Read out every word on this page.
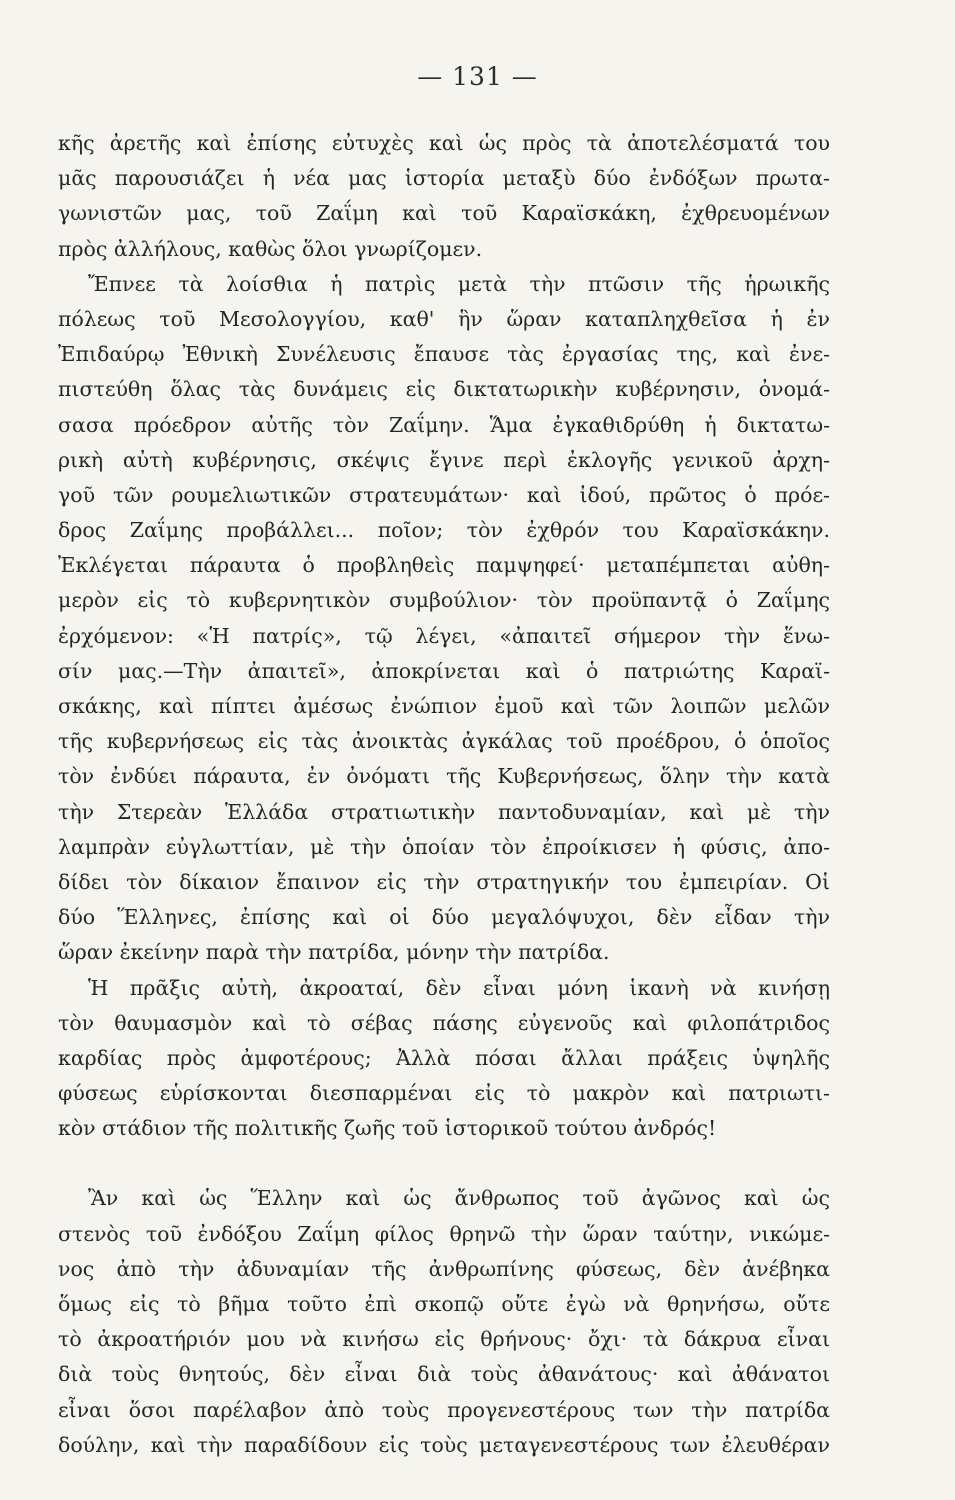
— 131 —
κῆς ἀρετῆς καὶ ἐπίσης εὐτυχὲς καὶ ὡς πρὸς τὰ ἀποτελέσματά του
μᾶς παρουσιάζει ἡ νέα μας ἱστορία μεταξὺ δύο ἐνδόξων πρωτα-
γωνιστῶν μας, τοῦ Ζαΐμη καὶ τοῦ Καραϊσκάκη, ἐχθρευομένων
πρὸς ἀλλήλους, καθὼς ὅλοι γνωρίζομεν.
Ἔπνεε τὰ λοίσθια ἡ πατρὶς μετὰ τὴν πτῶσιν τῆς ἡρωικῆς
πόλεως τοῦ Μεσολογγίου, καθ' ἣν ὥραν καταπληχθεῖσα ἡ ἐν
Ἐπιδαύρῳ Ἐθνικὴ Συνέλευσις ἔπαυσε τὰς ἐργασίας της, καὶ ἐνε-
πιστεύθη ὅλας τὰς δυνάμεις εἰς δικτατωρικὴν κυβέρνησιν, ὀνομά-
σασα πρόεδρον αὐτῆς τὸν Ζαΐμην. Ἅμα ἐγκαθιδρύθη ἡ δικτατω-
ρικὴ αὐτὴ κυβέρνησις, σκέψις ἔγινε περὶ ἐκλογῆς γενικοῦ ἀρχη-
γοῦ τῶν ρουμελιωτικῶν στρατευμάτων· καὶ ἰδού, πρῶτος ὁ πρόε-
δρος Ζαΐμης προβάλλει... ποῖον; τὸν ἐχθρόν του Καραϊσκάκην.
Ἐκλέγεται πάραυτα ὁ προβληθεὶς παμψηφεί· μεταπέμπεται αὐθη-
μερὸν εἰς τὸ κυβερνητικὸν συμβούλιον· τὸν προϋπαντᾷ ὁ Ζαΐμης
ἐρχόμενον: «Ἡ πατρίς», τῷ λέγει, «ἀπαιτεῖ σήμερον τὴν ἕνω-
σίν μας.—Τὴν ἀπαιτεῖ», ἀποκρίνεται καὶ ὁ πατριώτης Καραϊ-
σκάκης, καὶ πίπτει ἀμέσως ἐνώπιον ἐμοῦ καὶ τῶν λοιπῶν μελῶν
τῆς κυβερνήσεως εἰς τὰς ἀνοικτὰς ἀγκάλας τοῦ προέδρου, ὁ ὁποῖος
τὸν ἐνδύει πάραυτα, ἐν ὀνόματι τῆς Κυβερνήσεως, ὅλην τὴν κατὰ
τὴν Στερεὰν Ἑλλάδα στρατιωτικὴν παντοδυναμίαν, καὶ μὲ τὴν
λαμπρὰν εὐγλωττίαν, μὲ τὴν ὁποίαν τὸν ἐπροίκισεν ἡ φύσις, ἀπο-
δίδει τὸν δίκαιον ἔπαινον εἰς τὴν στρατηγικήν του ἐμπειρίαν. Οἱ
δύο Ἕλληνες, ἐπίσης καὶ οἱ δύο μεγαλόψυχοι, δὲν εἶδαν τὴν
ὥραν ἐκείνην παρὰ τὴν πατρίδα, μόνην τὴν πατρίδα.
Ἡ πρᾶξις αὐτὴ, ἀκροαταί, δὲν εἶναι μόνη ἱκανὴ νὰ κινήσῃ
τὸν θαυμασμὸν καὶ τὸ σέβας πάσης εὐγενοῦς καὶ φιλοπάτριδος
καρδίας πρὸς ἀμφοτέρους; Ἀλλὰ πόσαι ἄλλαι πράξεις ὑψηλῆς
φύσεως εὑρίσκονται διεσπαρμέναι εἰς τὸ μακρὸν καὶ πατριωτι-
κὸν στάδιον τῆς πολιτικῆς ζωῆς τοῦ ἱστορικοῦ τούτου ἀνδρός!
Ἂν καὶ ὡς Ἕλλην καὶ ὡς ἄνθρωπος τοῦ ἀγῶνος καὶ ὡς
στενὸς τοῦ ἐνδόξου Ζαΐμη φίλος θρηνῶ τὴν ὥραν ταύτην, νικώμε-
νος ἀπὸ τὴν ἀδυναμίαν τῆς ἀνθρωπίνης φύσεως, δὲν ἀνέβηκα
ὅμως εἰς τὸ βῆμα τοῦτο ἐπὶ σκοπῷ οὔτε ἐγὼ νὰ θρηνήσω, οὔτε
τὸ ἀκροατήριόν μου νὰ κινήσω εἰς θρήνους· ὄχι· τὰ δάκρυα εἶναι
διὰ τοὺς θνητούς, δὲν εἶναι διὰ τοὺς ἀθανάτους· καὶ ἀθάνατοι
εἶναι ὅσοι παρέλαβον ἀπὸ τοὺς προγενεστέρους των τὴν πατρίδα
δούλην, καὶ τὴν παραδίδουν εἰς τοὺς μεταγενεστέρους των ἐλευθέραν
